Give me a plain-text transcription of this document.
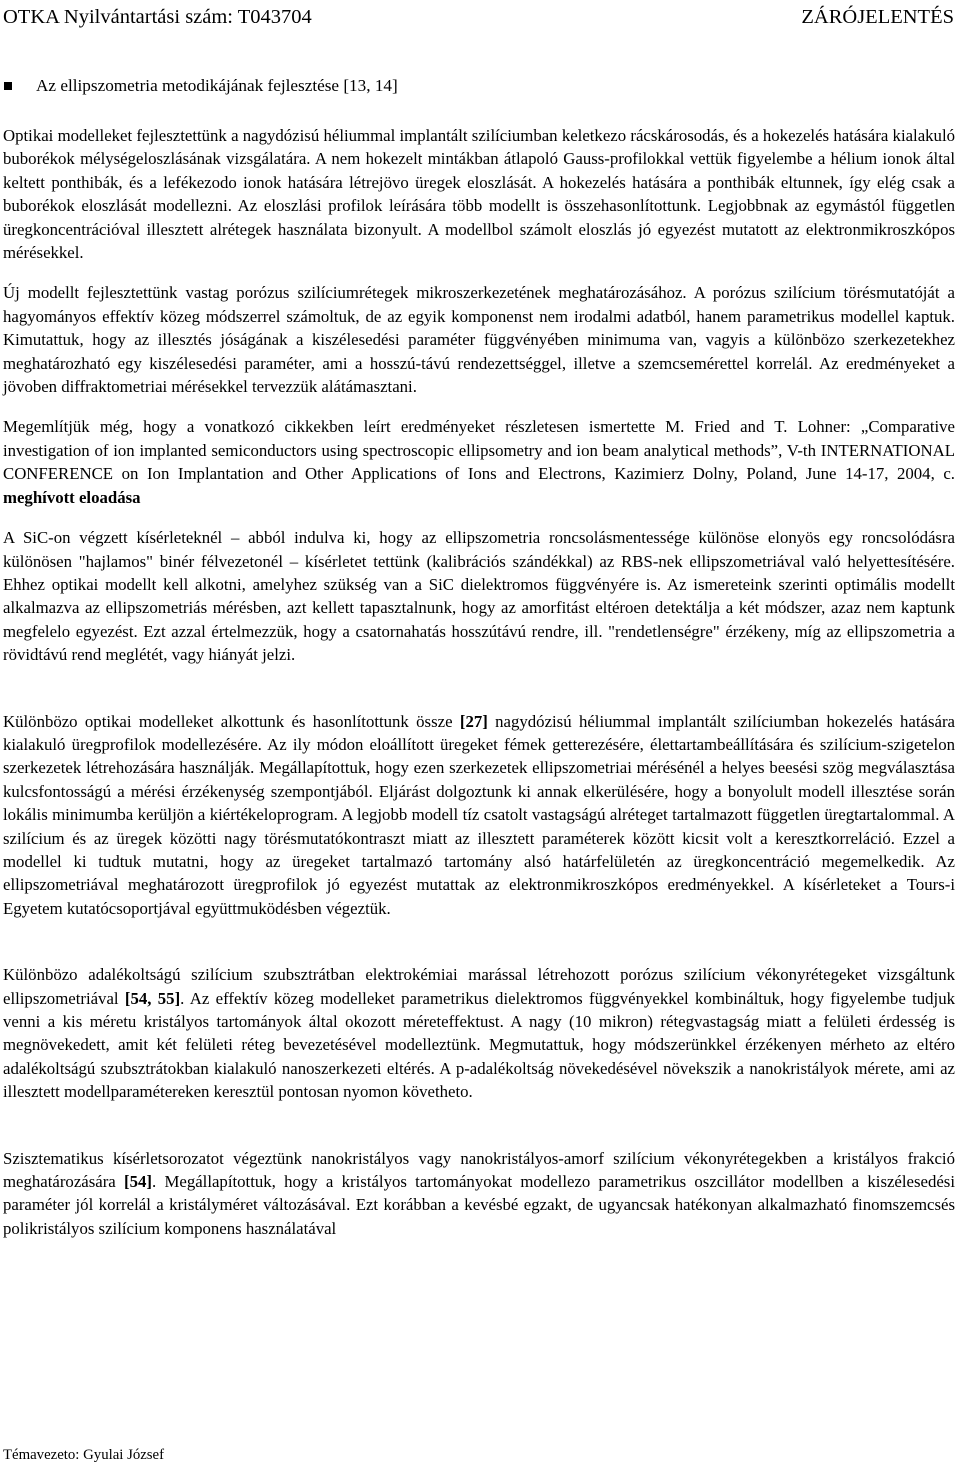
OTKA Nyilvántartási szám: T043704	ZÁRÓJELENTÉS
Az ellipszometria metodikájának fejlesztése [13, 14]

Optikai modelleket fejlesztettünk a nagydózisú héliummal implantált szilíciumban keletkezo rácskárosodás, és a hokezelés hatására kialakuló buborékok mélységeloszlásának vizsgálatára. A nem hokezelt mintákban átlapoló Gauss-profilokkal vettük figyelembe a hélium ionok által keltett ponthibák, és a lefékezodo ionok hatására létrejövo üregek eloszlását. A hokezelés hatására a ponthibák eltunnek, így elég csak a buborékok eloszlását modellezni. Az eloszlási profilok leírására több modellt is összehasonlítottunk. Legjobbnak az egymástól független üregkoncentrációval illesztett alrétegek használata bizonyult. A modellbol számolt eloszlás jó egyezést mutatott az elektronmikroszkópos mérésekkel.

Új modellt fejlesztettünk vastag porózus szilíciumrétegek mikroszerkezetének meghatározásához. A porózus szilícium törésmutatóját a hagyományos effektív közeg módszerrel számoltuk, de az egyik komponenst nem irodalmi adatból, hanem parametrikus modellel kaptuk. Kimutattuk, hogy az illesztés jóságának a kiszélesedési paraméter függvényében minimuma van, vagyis a különbözo szerkezetekhez meghatározható egy kiszélesedési paraméter, ami a hosszú-távú rendezettséggel, illetve a szemcsemérettel korrelál. Az eredményeket a jövoben diffraktometriai mérésekkel tervezzük alátámasztani.

Megemlítjük még, hogy a vonatkozó cikkekben leírt eredményeket részletesen ismertette M. Fried and T. Lohner: „Comparative investigation of ion implanted semiconductors using spectroscopic ellipsometry and ion beam analytical methods”, V-th INTERNATIONAL CONFERENCE on Ion Implantation and Other Applications of Ions and Electrons, Kazimierz Dolny, Poland, June 14-17, 2004, c. meghívott eloadása

A SiC-on végzett kísérleteknél – abból indulva ki, hogy az ellipszometria roncsolásmentessége különöse elonyös egy roncsolódásra különösen "hajlamos" binér félvezetonél – kísérletet tettünk (kalibrációs szándékkal) az RBS-nek ellipszometriával való helyettesítésére. Ehhez optikai modellt kell alkotni, amelyhez szükség van a SiC dielektromos függvényére is. Az ismereteink szerinti optimális modellt alkalmazva az ellipszometriás mérésben, azt kellett tapasztalnunk, hogy az amorfitást eltéroen detektálja a két módszer, azaz nem kaptunk megfelelo egyezést. Ezt azzal értelmezzük, hogy a csatornahatás hosszútávú rendre, ill. "rendetlenségre" érzékeny, míg az ellipszometria a rövidtávú rend meglétét, vagy hiányát jelzi.

Különbözo optikai modelleket alkottunk és hasonlítottunk össze [27] nagydózisú héliummal implantált szilíciumban hokezelés hatására kialakuló üregprofilok modellezésére. Az ily módon eloállított üregeket fémek getterezésére, élettartambeállítására és szilícium-szigetelon szerkezetek létrehozására használják. Megállapítottuk, hogy ezen szerkezetek ellipszometriai mérésénél a helyes beesési szög megválasztása kulcsfontosságú a mérési érzékenység szempontjából. Eljárást dolgoztunk ki annak elkerülésére, hogy a bonyolult modell illesztése során lokális minimumba kerüljön a kiértékeloprogram. A legjobb modell tíz csatolt vastagságú alréteget tartalmazott független üregtartalommal. A szilícium és az üregek közötti nagy törésmutatókontraszt miatt az illesztett paraméterek között kicsit volt a keresztkorreláció. Ezzel a modellel ki tudtuk mutatni, hogy az üregeket tartalmazó tartomány alsó határfelületén az üregkoncentráció megemelkedik. Az ellipszometriával meghatározott üregprofilok jó egyezést mutattak az elektronmikroszkópos eredményekkel. A kísérleteket a Tours-i Egyetem kutatócsoportjával együttmuködésben végeztük.

Különbözo adalékoltságú szilícium szubsztrátban elektrokémiai marással létrehozott porózus szilícium vékonyrétegeket vizsgáltunk ellipszometriával [54, 55]. Az effektív közeg modelleket parametrikus dielektromos függvényekkel kombináltuk, hogy figyelembe tudjuk venni a kis méretu kristályos tartományok által okozott méreteffektust. A nagy (10 mikron) rétegvastagság miatt a felületi érdesség is megnövekedett, amit két felületi réteg bevezetésével modelleztünk. Megmutattuk, hogy módszerünkkel érzékenyen mérheto az eltéro adalékoltságú szubsztrátokban kialakuló nanoszerkezeti eltérés. A p-adalékoltság növekedésével növekszik a nanokristályok mérete, ami az illesztett modellparamétereken keresztül pontosan nyomon követheto.

Szisztematikus kísérletsorozatot végeztünk nanokristályos vagy nanokristályos-amorf szilícium vékonyrétegekben a kristályos frakció meghatározására [54]. Megállapítottuk, hogy a kristályos tartományokat modellezo parametrikus oszcillátor modellben a kiszélesedési paraméter jól korrelál a kristályméret változásával. Ezt korábban a kevésbé egzakt, de ugyancsak hatékonyan alkalmazható finomszemcsés polikristályos szilícium komponens használatával

Témavezeto: Gyulai József
